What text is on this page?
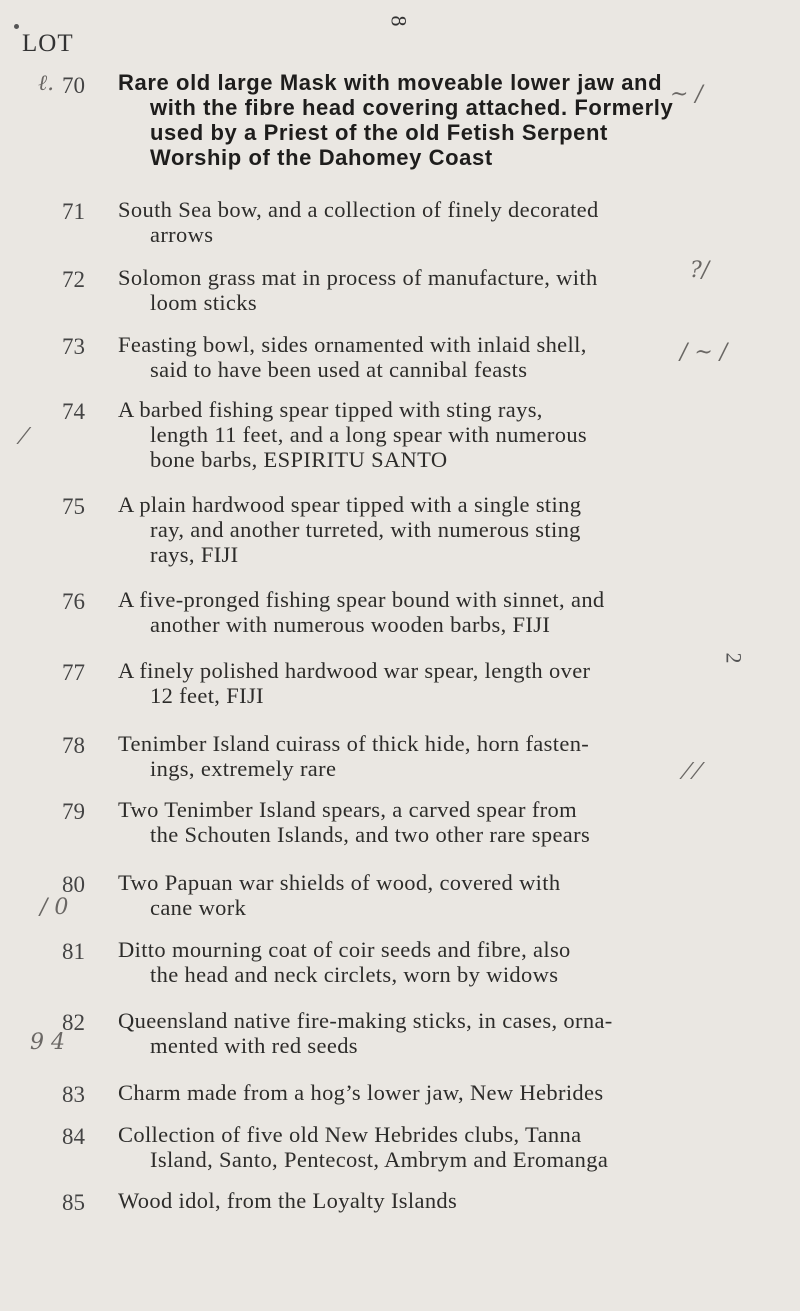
8
LOT
ℓ.
⁄
/ 0
9 4
~ /
?/
/ ~ /
⁄ ⁄
2
70	Rare old large Mask with moveable lower jaw and
with the fibre head covering attached. Formerly
used by a Priest of the old Fetish Serpent
Worship of the Dahomey Coast
71	South Sea bow, and a collection of finely decorated
arrows
72	Solomon grass mat in process of manufacture, with
loom sticks
73	Feasting bowl, sides ornamented with inlaid shell,
said to have been used at cannibal feasts
74	A barbed fishing spear tipped with sting rays,
length 11 feet, and a long spear with numerous
bone barbs, ESPIRITU SANTO
75	A plain hardwood spear tipped with a single sting
ray, and another turreted, with numerous sting
rays, FIJI
76	A five-pronged fishing spear bound with sinnet, and
another with numerous wooden barbs, FIJI
77	A finely polished hardwood war spear, length over
12 feet, FIJI
78	Tenimber Island cuirass of thick hide, horn fasten-
ings, extremely rare
79	Two Tenimber Island spears, a carved spear from
the Schouten Islands, and two other rare spears
80	Two Papuan war shields of wood, covered with
cane work
81	Ditto mourning coat of coir seeds and fibre, also
the head and neck circlets, worn by widows
82	Queensland native fire-making sticks, in cases, orna-
mented with red seeds
83	Charm made from a hog’s lower jaw, New Hebrides
84	Collection of five old New Hebrides clubs, Tanna
Island, Santo, Pentecost, Ambrym and Eromanga
85	Wood idol, from the Loyalty Islands
